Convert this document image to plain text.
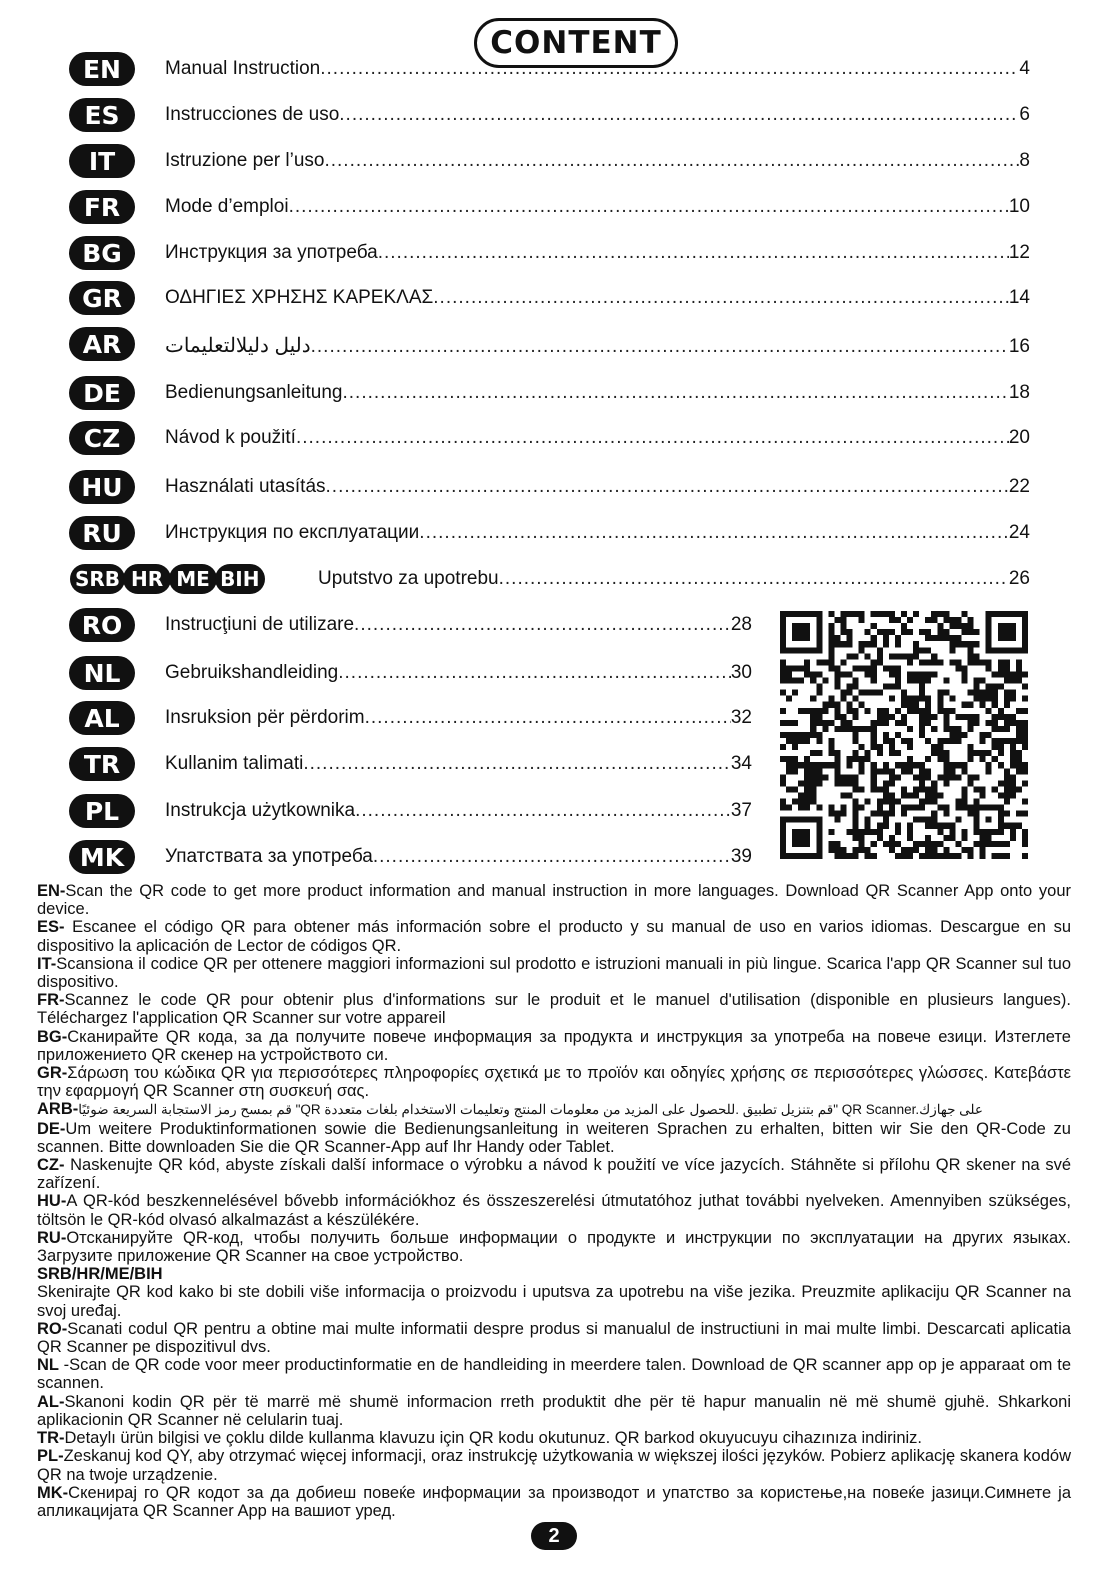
CONTENT
EN	Manual Instruction .....	4
ES	Instrucciones de uso .....	6
IT	Istruzione per l’uso .....	8
FR	Mode d’emploi .....	10
BG	Инструкция за употреба .....	12
GR	ΟΔΗΓΙΕΣ ΧΡΗΣΗΣ ΚΑΡΕΚΛΑΣ .....	14
AR	دليل دليلالتعليمات .....	16
DE	Bedienungsanleitung .....	18
CZ	Návod k použití .....	20
HU	Használati utasítás .....	22
RU	Инструкция по експлуатации .....	24
SRB HR ME BIH	Uputstvo za upotrebu .....	26
RO	Instrucţiuni de utilizare .....	28
NL	Gebruikshandleiding .....	30
AL	Insruksion për përdorim .....	32
TR	Kullanim talimati .....	34
PL	Instrukcja użytkownika .....	37
MK	Упатствата за употреба .....	39

EN-Scan the QR code to get more product information and manual instruction in more languages. Download QR Scanner App onto your device.

ES- Escanee el código QR para obtener más información sobre el producto y su manual de uso en varios idiomas. Descargue en su dispositivo la aplicación de Lector de códigos QR.

IT-Scansiona il codice QR per ottenere maggiori informazioni sul prodotto e istruzioni manuali in più lingue. Scarica l'app QR Scanner sul tuo dispositivo.

FR-Scannez le code QR pour obtenir plus d'informations sur le produit et le manuel d'utilisation (disponible en plusieurs langues). Téléchargez l'application QR Scanner sur votre appareil

BG-Сканирайте QR кода, за да получите повече информация за продукта и инструкция за употреба на повече езици. Изтеглете приложението QR скенер на устройството си.

GR-Σάρωση του κώδικα QR για περισσότερες πληροφορίες σχετικά με το προϊόν και οδηγίες χρήσης σε περισσότερες γλώσσες. Κατεβάστε την εφαρμογή QR Scanner στη συσκευή σας.

ARB-قم بمسح رمز الاستجابة السريعة ضوئيًا "QR قم بتنزيل تطبيق .للحصول على المزيد من معلومات المنتج وتعليمات الاستخدام بلغات متعددة" QR Scanner.على جهازك

DE-Um weitere Produktinformationen sowie die Bedienungsanleitung in weiteren Sprachen zu erhalten, bitten wir Sie den QR-Code zu scannen. Bitte downloaden Sie die QR Scanner-App auf Ihr Handy oder Tablet.

CZ- Naskenujte QR kód, abyste získali další informace o výrobku a návod k použití ve více jazycích. Stáhněte si přílohu QR skener na své zařízení.

HU-A QR-kód beszkennelésével bővebb információkhoz és összeszerelési útmutatóhoz juthat további nyelveken. Amennyiben szükséges, töltsön le QR-kód olvasó alkalmazást a készülékére.

RU-Отсканируйте QR-код, чтобы получить больше информации о продукте и инструкции по эксплуатации на других языках. Загрузите приложение QR Scanner на свое устройство.

SRB/HR/ME/BIH

Skenirajte QR kod kako bi ste dobili više informacija o proizvodu i uputsva za upotrebu na više jezika. Preuzmite aplikaciju QR Scanner na svoj uređaj.

RO-Scanati codul QR pentru a obtine mai multe informatii despre produs si manualul de instructiuni in mai multe limbi. Descarcati aplicatia QR Scanner pe dispozitivul dvs.

NL -Scan de QR code voor meer productinformatie en de handleiding in meerdere talen. Download de QR scanner app op je apparaat om te scannen.

AL-Skanoni kodin QR për të marrë më shumë informacion rreth produktit dhe për të hapur manualin në më shumë gjuhë. Shkarkoni aplikacionin QR Scanner në celularin tuaj.

TR-Detaylı ürün bilgisi ve çoklu dilde kullanma klavuzu için QR kodu okutunuz. QR barkod okuyucuyu cihazınıza indiriniz.

PL-Zeskanuj kod QY, aby otrzymać więcej informacji, oraz instrukcję użytkowania w większej ilości języków. Pobierz aplikację skanera kodów QR na twoje urządzenie.

MK-Скенирај го QR кодот за да добиеш повеќе информации за производот и упатство за користење,на повеќе јазици.Симнете ја апликацијата QR Scanner App на вашиот уред.

2
